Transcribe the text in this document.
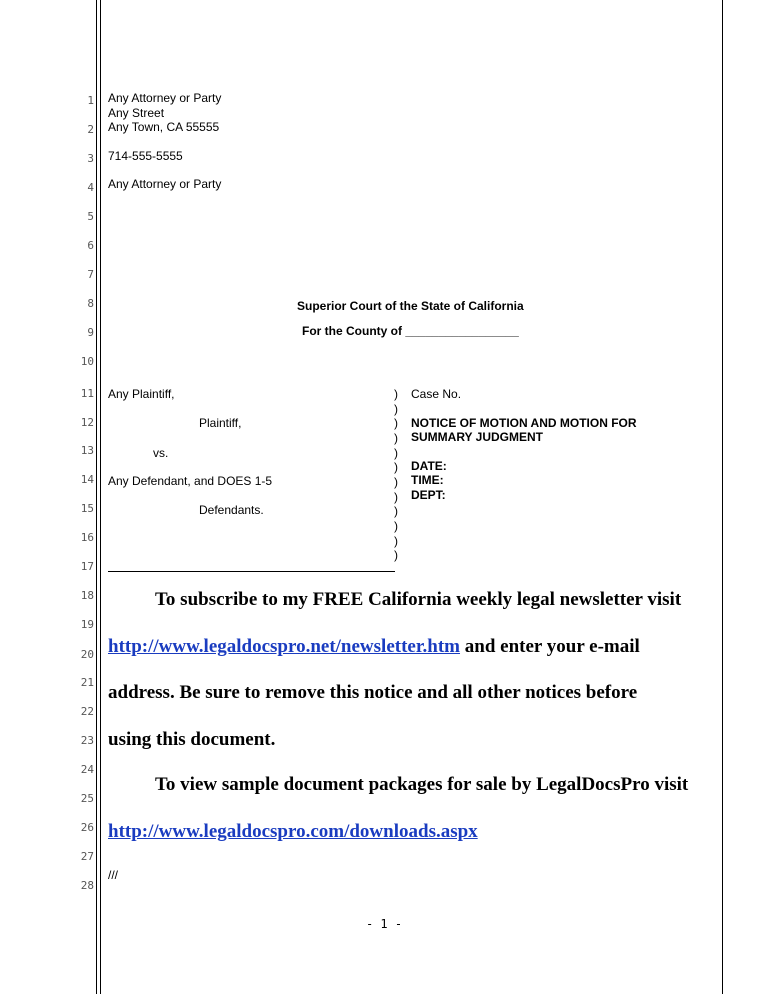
1
2
3
4
5
6
7
8
9
10
11
12
13
14
15
16
17
18
19
20
21
22
23
24
25
26
27
28
Any Attorney or Party
Any Street
Any Town, CA 55555
714-555-5555
Any Attorney or Party
Superior Court of the State of California
For the County of _________________
Any Plaintiff,
Plaintiff,
vs.
Any Defendant, and DOES 1-5
Defendants.
)
)
)
)
)
)
)
)
)
)
)
)
Case No.
NOTICE OF MOTION AND MOTION FOR
SUMMARY JUDGMENT
DATE:
TIME:
DEPT:
To subscribe to my FREE California weekly legal newsletter visit
http://www.legaldocspro.net/newsletter.htm and enter your e-mail
address. Be sure to remove this notice and all other notices before
using this document.
To view sample document packages for sale by LegalDocsPro visit
http://www.legaldocspro.com/downloads.aspx
///
- 1 -
